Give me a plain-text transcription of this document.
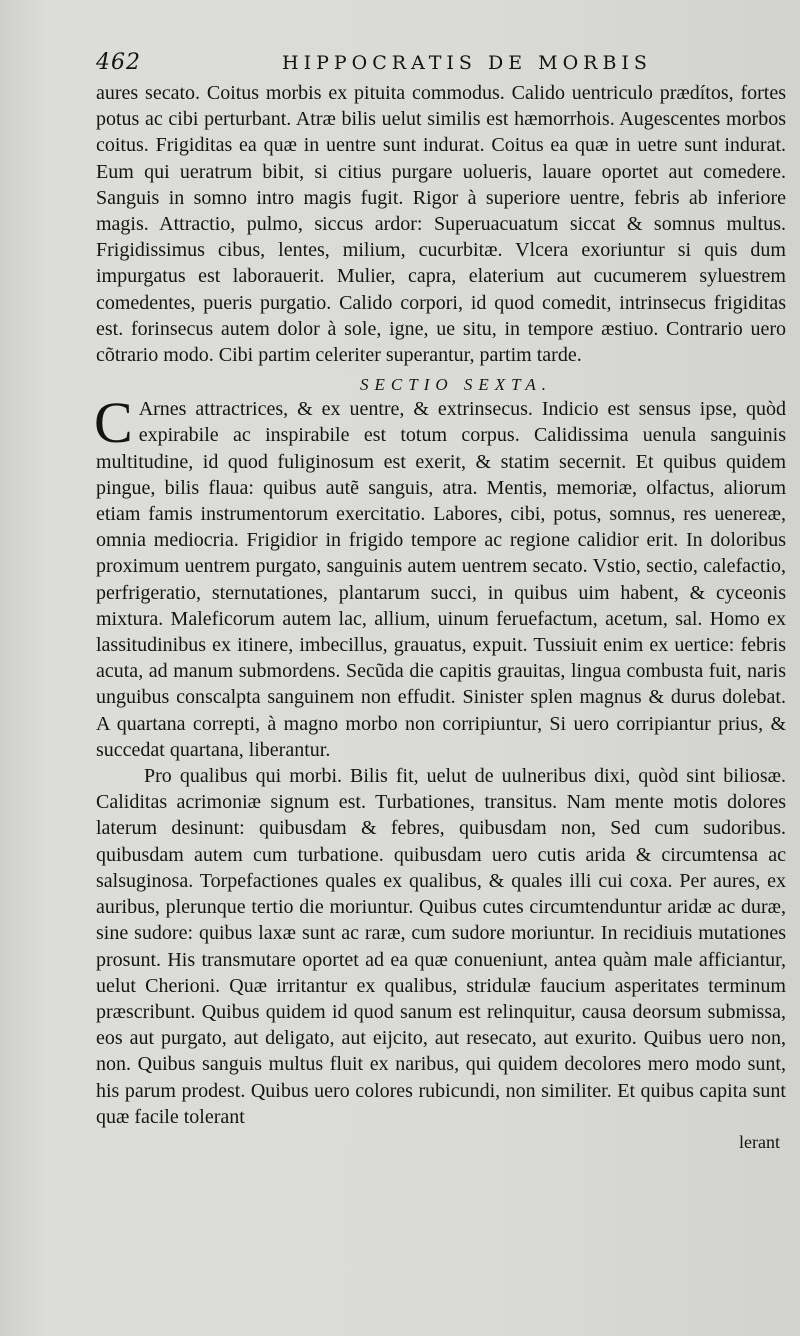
462	HIPPOCRATIS DE MORBIS

aures secato. Coitus morbis ex pituita commodus. Calido uentriculo prædítos, fortes potus ac cibi perturbant. Atræ bilis uelut similis est hæmorrhois. Augescentes morbos coitus. Frigiditas ea quæ in uentre sunt indurat. Coitus ea quæ in uetre sunt indurat. Eum qui ueratrum bibit, si citius purgare uolueris, lauare oportet aut comedere. Sanguis in somno intro magis fugit. Rigor à superiore uentre, febris ab inferiore magis. Attractio, pulmo, siccus ardor: Superuacuatum siccat & somnus multus. Frigidissimus cibus, lentes, milium, cucurbitæ. Vlcera exoriuntur si quis dum impurgatus est laborauerit. Mulier, capra, elaterium aut cucumerem syluestrem comedentes, pueris purgatio. Calido corpori, id quod comedit, intrinsecus frigiditas est. forinsecus autem dolor à sole, igne, ue situ, in tempore æstiuo. Contrario uero cõtrario modo. Cibi partim celeriter superantur, partim tarde.

SECTIO SEXTA.

C Arnes attractrices, & ex uentre, & extrinsecus. Indicio est sensus ipse, quòd expirabile ac inspirabile est totum corpus. Calidissima uenula sanguinis multitudine, id quod fuliginosum est exerit, & statim secernit. Et quibus quidem pingue, bilis flaua: quibus autẽ sanguis, atra. Mentis, memoriæ, olfactus, aliorum etiam famis instrumentorum exercitatio. Labores, cibi, potus, somnus, res uenereæ, omnia mediocria. Frigidior in frigido tempore ac regione calidior erit. In doloribus proximum uentrem purgato, sanguinis autem uentrem secato. Vstio, sectio, calefactio, perfrigeratio, sternutationes, plantarum succi, in quibus uim habent, & cyceonis mixtura. Maleficorum autem lac, allium, uinum feruefactum, acetum, sal. Homo ex lassitudinibus ex itinere, imbecillus, grauatus, expuit. Tussiuit enim ex uertice: febris acuta, ad manum submordens. Secũda die capitis grauitas, lingua combusta fuit, naris unguibus conscalpta sanguinem non effudit. Sinister splen magnus & durus dolebat. A quartana correpti, à magno morbo non corripiuntur, Si uero corripiantur prius, & succedat quartana, liberantur.

Pro qualibus qui morbi. Bilis fit, uelut de uulneribus dixi, quòd sint biliosæ. Caliditas acrimoniæ signum est. Turbationes, transitus. Nam mente motis dolores laterum desinunt: quibusdam & febres, quibusdam non, Sed cum sudoribus. quibusdam autem cum turbatione. quibusdam uero cutis arida & circumtensa ac salsuginosa. Torpefactiones quales ex qualibus, & quales illi cui coxa. Per aures, ex auribus, plerunque tertio die moriuntur. Quibus cutes circumtenduntur aridæ ac duræ, sine sudore: quibus laxæ sunt ac raræ, cum sudore moriuntur. In recidiuis mutationes prosunt. His transmutare oportet ad ea quæ conueniunt, antea quàm male afficiantur, uelut Cherioni. Quæ irritantur ex qualibus, stridulæ faucium asperitates terminum præscribunt. Quibus quidem id quod sanum est relinquitur, causa deorsum submissa, eos aut purgato, aut deligato, aut eijcito, aut resecato, aut exurito. Quibus uero non, non. Quibus sanguis multus fluit ex naribus, qui quidem decolores mero modo sunt, his parum prodest. Quibus uero colores rubicundi, non similiter. Et quibus capita sunt quæ facile tolerant

lerant
